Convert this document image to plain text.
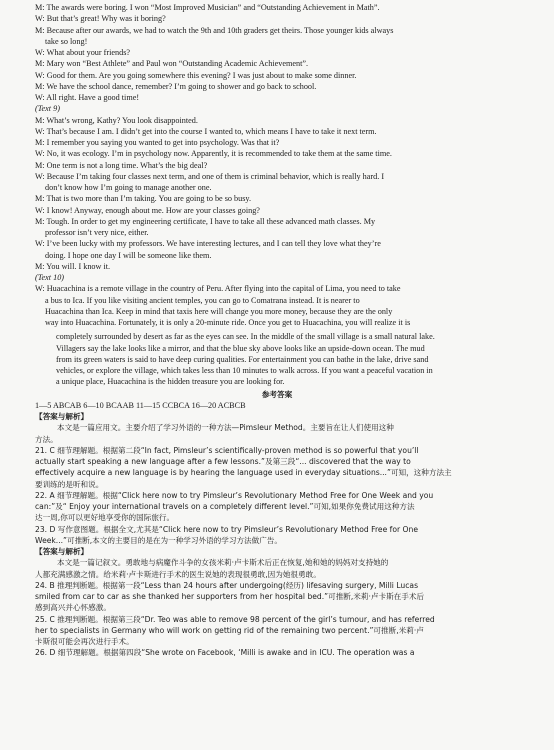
M: The awards were boring. I won “Most Improved Musician” and “Outstanding Achievement in Math”.
W: But that’s great! Why was it boring?
M: Because after our awards, we had to watch the 9th and 10th graders get theirs. Those younger kids always
take so long!
W: What about your friends?
M: Mary won “Best Athlete” and Paul won “Outstanding Academic Achievement”.
W: Good for them. Are you going somewhere this evening? I was just about to make some dinner.
M: We have the school dance, remember? I’m going to shower and go back to school.
W: All right. Have a good time!
(Text 9)
M: What’s wrong, Kathy? You look disappointed.
W: That’s because I am. I didn’t get into the course I wanted to, which means I have to take it next term.
M: I remember you saying you wanted to get into psychology. Was that it?
W: No, it was ecology. I’m in psychology now. Apparently, it is recommended to take them at the same time.
M: One term is not a long time. What’s the big deal?
W: Because I’m taking four classes next term, and one of them is criminal behavior, which is really hard. I
don’t know how I’m going to manage another one.
M: That is two more than I’m taking. You are going to be so busy.
W: I know! Anyway, enough about me. How are your classes going?
M: Tough. In order to get my engineering certificate, I have to take all these advanced math classes. My
professor isn’t very nice, either.
W: I’ve been lucky with my professors. We have interesting lectures, and I can tell they love what they’re
doing. I hope one day I will be someone like them.
M: You will. I know it.
(Text 10)
W: Huacachina is a remote village in the country of Peru. After flying into the capital of Lima, you need to take
a bus to Ica. If you like visiting ancient temples, you can go to Comatrana instead. It is nearer to
Huacachina than Ica. Keep in mind that taxis here will change you more money, because they are the only
way into Huacachina. Fortunately, it is only a 20-minute ride. Once you get to Huacachina, you will realize it is
completely surrounded by desert as far as the eyes can see. In the middle of the small village is a small natural lake.
Villagers say the lake looks like a mirror, and that the blue sky above looks like an upside-down ocean. The mud
from its green waters is said to have deep curing qualities. For entertainment you can bathe in the lake, drive sand
vehicles, or explore the village, which takes less than 10 minutes to walk across. If you want a peaceful vacation in
a unique place, Huacachina is the hidden treasure you are looking for.
参考答案
1—5 ABCAB 6—10 BCAAB 11—15 CCBCA 16—20 ACBCB
【答案与解析】
本文是一篇应用文。主要介绍了学习外语的一种方法—Pimsleur Method。主要旨在让人们使用这种
方法。
21. C 细节理解题。根据第二段“In fact, Pimsleur’s scientifically-proven method is so powerful that you’ll
actually start speaking a new language after a few lessons.”及第三段“... discovered that the way to
effectively acquire a new language is by hearing the language used in everyday situations...”可知，这种方法主
要训练的是听和说。
22. A 细节理解题。根据“Click here now to try Pimsleur’s Revolutionary Method Free for One Week and you
can:”及“ Enjoy your international travels on a completely different level.”可知,如果你免费试用这种方法
达一周,你可以更好地享受你的国际旅行。
23. D 写作意图题。根据全文,尤其是“Click here now to try Pimsleur’s Revolutionary Method Free for One
Week...”可推断,本文的主要目的是在为一种学习外语的学习方法做广告。
【答案与解析】
本文是一篇记叙文。勇敢地与病魔作斗争的女孩米莉·卢卡斯术后正在恢复,她和她的妈妈对支持她的
人都充满感激之情。给米莉·卢卡斯进行手术的医生说她的表现很勇敢,因为她很勇敢。
24. B 推理判断题。根据第一段“Less than 24 hours after undergoing(经历) lifesaving surgery, Milli Lucas
smiled from car to car as she thanked her supporters from her hospital bed.”可推断,米莉·卢卡斯在手术后
感到高兴并心怀感激。
25. C 推理判断题。根据第三段“Dr. Teo was able to remove 98 percent of the girl’s tumour, and has referred
her to specialists in Germany who will work on getting rid of the remaining two percent.”可推断,米莉·卢
卡斯很可能会再次进行手术。
26. D 细节理解题。根据第四段“She wrote on Facebook, ‘Milli is awake and in ICU. The operation was a
